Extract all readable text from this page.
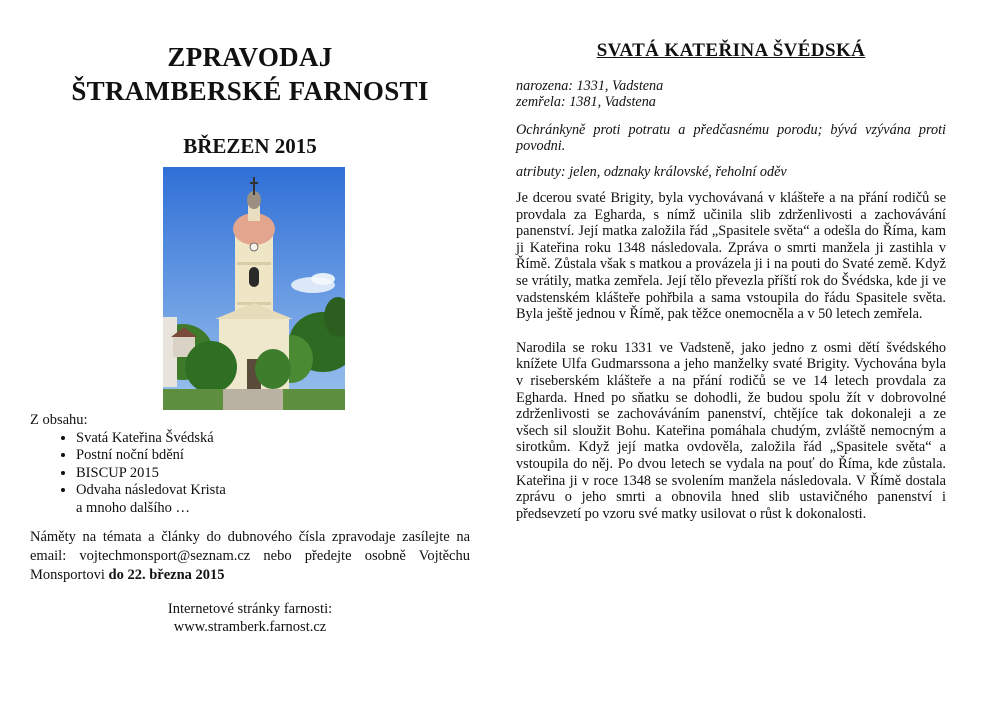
ZPRAVODAJ
ŠTRAMBERSKÉ FARNOSTI
BŘEZEN 2015
Z obsahu:
• Svatá Kateřina Švédská
• Postní noční bdění
• BISCUP 2015
• Odvaha následovat Krista
a mnoho dalšího …
Náměty na témata a články do dubnového čísla zpravodaje zasílejte na email: vojtechmonsport@seznam.cz nebo předejte osobně Vojtěchu Monsportovi do 22. března 2015
Internetové stránky farnosti:
www.stramberk.farnost.cz
SVATÁ KATEŘINA ŠVÉDSKÁ
narozena: 1331, Vadstena
zemřela: 1381, Vadstena
Ochránkyně proti potratu a předčasnému porodu; bývá vzývána proti povodni.
atributy: jelen, odznaky královské, řeholní oděv
Je dcerou svaté Brigity, byla vychovávaná v klášteře a na přání rodičů se provdala za Egharda, s nímž učinila slib zdrženlivosti a zachovávání panenství. Její matka založila řád „Spasitele světa“ a odešla do Říma, kam ji Kateřina roku 1348 následovala. Zpráva o smrti manžela ji zastihla v Římě. Zůstala však s matkou a provázela ji i na pouti do Svaté země. Když se vrátily, matka zemřela. Její tělo převezla příští rok do Švédska, kde ji ve vadstenském klášteře pohřbila a sama vstoupila do řádu Spasitele světa. Byla ještě jednou v Římě, pak těžce onemocněla a v 50 letech zemřela.
Narodila se roku 1331 ve Vadsteně, jako jedno z osmi dětí švédského knížete Ulfa Gudmarssona a jeho manželky svaté Brigity. Vychována byla v riseberském klášteře a na přání rodičů se ve 14 letech provdala za Egharda. Hned po sňatku se dohodli, že budou spolu žít v dobrovolné zdrženlivosti se zachováváním panenství, chtějíce tak dokonaleji a ze všech sil sloužit Bohu. Kateřina pomáhala chudým, zvláště nemocným a sirotkům. Když její matka ovdověla, založila řád „Spasitele světa“ a vstoupila do něj. Po dvou letech se vydala na pouť do Říma, kde zůstala. Kateřina ji v roce 1348 se svolením manžela následovala. V Římě dostala zprávu o jeho smrti a obnovila hned slib ustavičného panenství i předsevzetí po vzoru své matky usilovat o růst k dokonalosti.
